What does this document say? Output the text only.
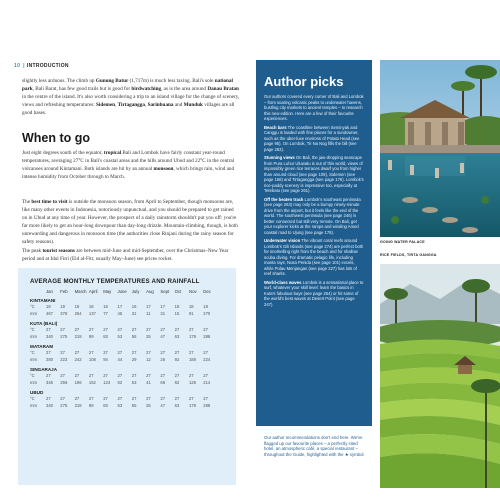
10 | INTRODUCTION

slightly less arduous. The climb up Gunung Batur (1,717m) is much less taxing. Bali's sole national park, Bali Barat, has few good trails but is good for birdwatching, as is the area around Danau Bratan in the centre of the island. It's also worth considering a trip to an island village for the change of scenery, views and refreshing temperatures: Sidemen, Tirtagangga, Sarinbuana and Munduk villages are all good bases.

When to go

Just eight degrees south of the equator, tropical Bali and Lombok have fairly constant year-round temperatures, averaging 27°C in Bali's coastal areas and the hills around Ubud and 22°C in the central volcanoes around Kintamani. Both islands are hit by an annual monsoon, which brings rain, wind and intense humidity from October through to March.

The best time to visit is outside the monsoon season, from April to September, though monsoons are, like many other events in Indonesia, notoriously unpunctual, and you should be prepared to get rained on in Ubud at any time of year. However, the prospect of a daily rainstorm shouldn't put you off: you're far more likely to get an hour-long downpour than day-long drizzle. Mountain-climbing, though, is both unrewarding and dangerous in monsoon time (the authorities close Rinjani during the rainy season for safety reasons).

The peak tourist seasons are between mid-June and mid-September, over the Christmas–New Year period and at Idul Fitri (Eid al-Fitr, usually May–June) see prices rocket.

AVERAGE MONTHLY TEMPERATURES AND RAINFALL
Jan	Feb	March April	May	June	July	Aug	Sept	Oct	Nov	Dec
KINTAMANI
°C	18	18	18	18	18	17	16	17	17	18	18	18
mm	467	378	264	137	77	45	31	11	31	15	91	270
KUTA (BALI)
°C	27	27	27	27	27	27	27	27	27	27	27	27
mm	340	275	218	99	83	53	55	25	47	63	179	288
MATARAM
°C	27	27	27	27	27	27	27	27	27	27	27	27
mm	280	223	242	108	94	44	29	12	26	92	188	224
SINGARAJA
°C	27	27	27	27	27	27	27	27	27	27	27	27
mm	346	256	196	152	123	62	53	41	68	62	128	214
UBUD
°C	27	27	27	27	27	27	27	27	27	27	27	27
mm	340	275	218	99	83	53	55	25	47	63	179	288
Author picks

Our authors covered every corner of Bali and Lombok – from soaring volcanic peaks to underwater havens, bustling city markets to ancient temples – to research this new edition. Here are a few of their favourite experiences.

Beach bars The coastline between Seminyak and Canggu is loaded with fine places for a sundowner, such as the uber-luxe environs of Potato Head (see page 95). On Lombok, Tir Na Nog fills the bill (see page 283).

Stunning views On Bali, the jaw-dropping seascape from Pura Luhur Uluwatu is out of this world, views of impossibly green rice terraces dwarf you from higher than around cloud (see page 108), Sidemen (see page 168) and Tirtagangga (see page 176). Lombok's rice-paddy scenery is impressive too, especially at Tetebatu (see page 261).

Off the beaten track Lombok's southeast peninsula (see page 263) may only be a bumpy ninety-minute drive from the airport, but it feels like the end of the world. The southwest peninsula (see page 246) is better connected but still very remote. On Bali, get your explorer kicks at the ramps and winding Amed coastal road to Ujung (see page 178).

Underwater vision The vibrant coral reefs around Lombok's Gili Islands (see page 274) are perfect both for snorkelling right from the beach and for shallow scuba diving. For dramatic pelagic life, including manta rays, Nusa Penida (see page 101) excels, while Pulau Menjangan (see page 227) has lots of reef sharks.

World-class waves Lombok is a sensational place to surf, whatever your skill level: learn the basics in Kuta's fabulous bays (see page 264) or hit some of the world's best waves at Desert Point (see page 247).

Our author recommendations don't end here. We've flagged up our favourite places – a perfectly sited hotel, an atmospheric café, a special restaurant – throughout the Guide, highlighted with the ★ symbol.

GOING WATER PALACE
RICE FIELDS, TIRTA GANGGA
